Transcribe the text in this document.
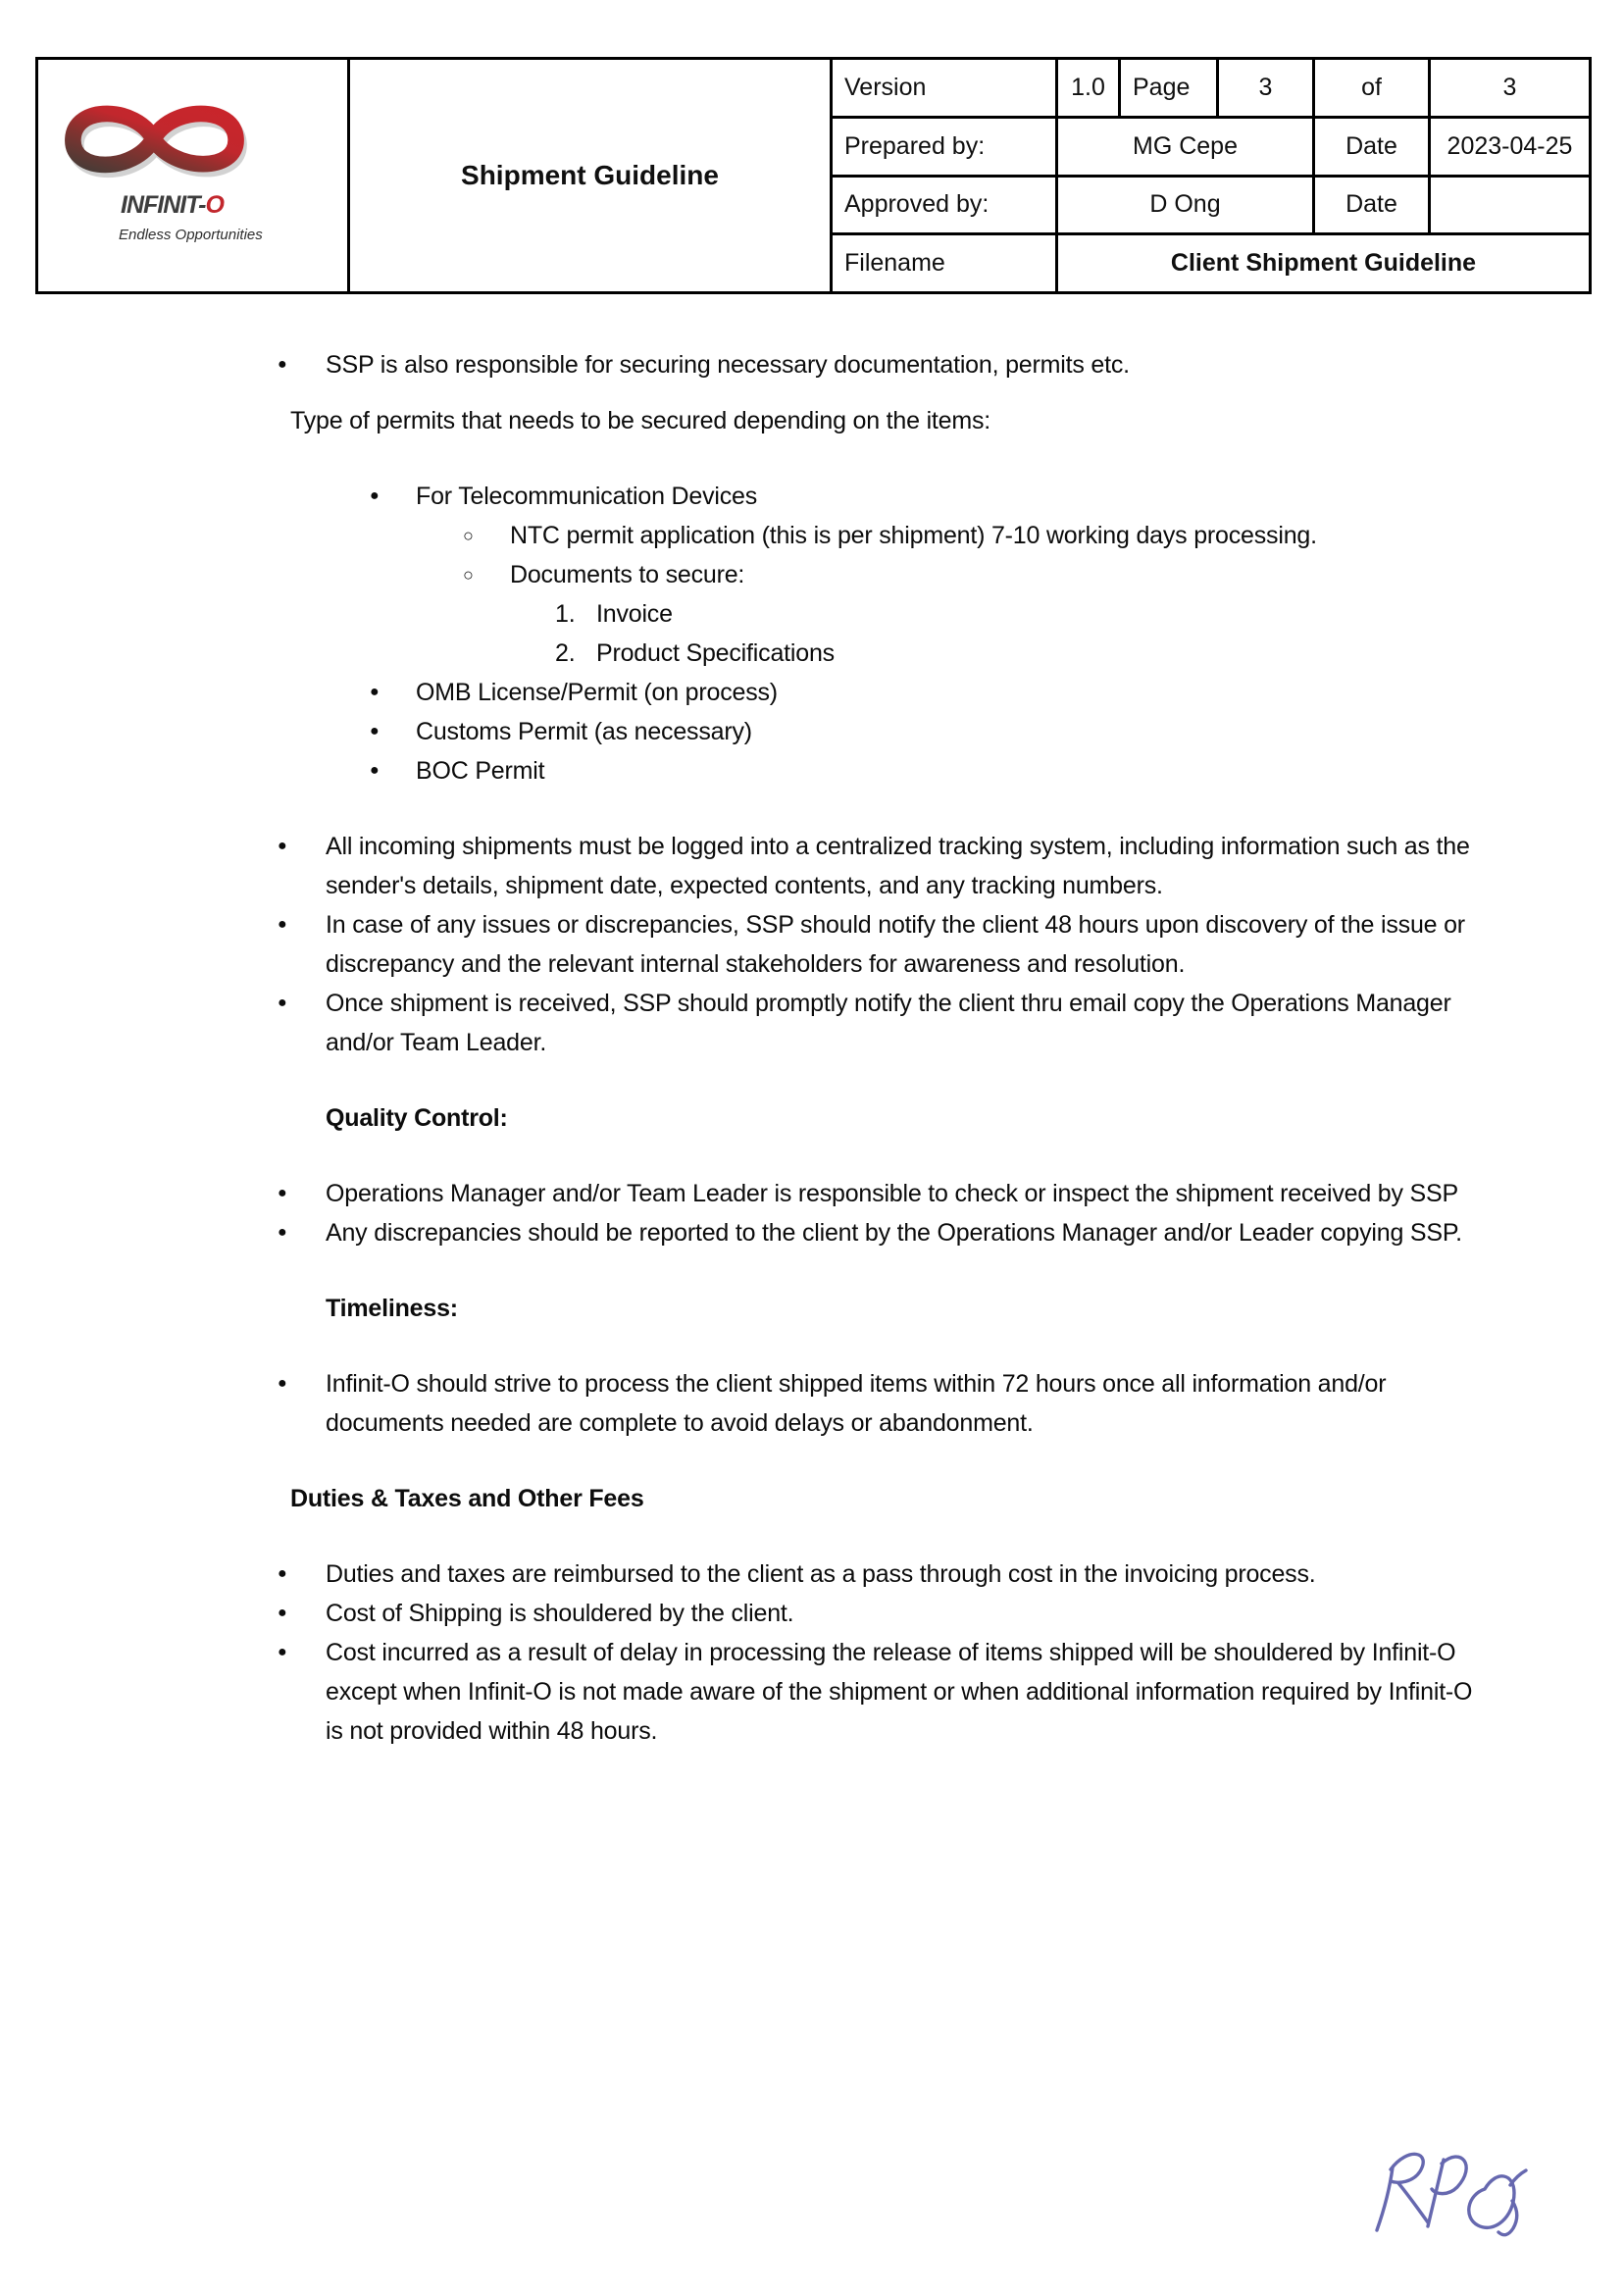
INFINIT-O
Endless Opportunities	Shipment Guideline	Version	1.0	Page	3	of	3
		Prepared by:	MG Cepe			Date	2023-04-25
		Approved by:	D Ong			Date	
		Filename	Client Shipment Guideline				
● SSP is also responsible for securing necessary documentation, permits etc.
Type of permits that needs to be secured depending on the items:
● For Telecommunication Devices
○ NTC permit application (this is per shipment) 7-10 working days processing.
○ Documents to secure:
1. Invoice
2. Product Specifications
● OMB License/Permit (on process)
● Customs Permit (as necessary)
● BOC Permit
● All incoming shipments must be logged into a centralized tracking system, including information such as the sender's details, shipment date, expected contents, and any tracking numbers.
● In case of any issues or discrepancies, SSP should notify the client 48 hours upon discovery of the issue or discrepancy and the relevant internal stakeholders for awareness and resolution.
● Once shipment is received, SSP should promptly notify the client thru email copy the Operations Manager and/or Team Leader.
Quality Control:
● Operations Manager and/or Team Leader is responsible to check or inspect the shipment received by SSP
● Any discrepancies should be reported to the client by the Operations Manager and/or Leader copying SSP.
Timeliness:
● Infinit-O should strive to process the client shipped items within 72 hours once all information and/or documents needed are complete to avoid delays or abandonment.
Duties & Taxes and Other Fees
● Duties and taxes are reimbursed to the client as a pass through cost in the invoicing process.
● Cost of Shipping is shouldered by the client.
● Cost incurred as a result of delay in processing the release of items shipped will be shouldered by Infinit-O except when Infinit-O is not made aware of the shipment or when additional information required by Infinit-O is not provided within 48 hours.
